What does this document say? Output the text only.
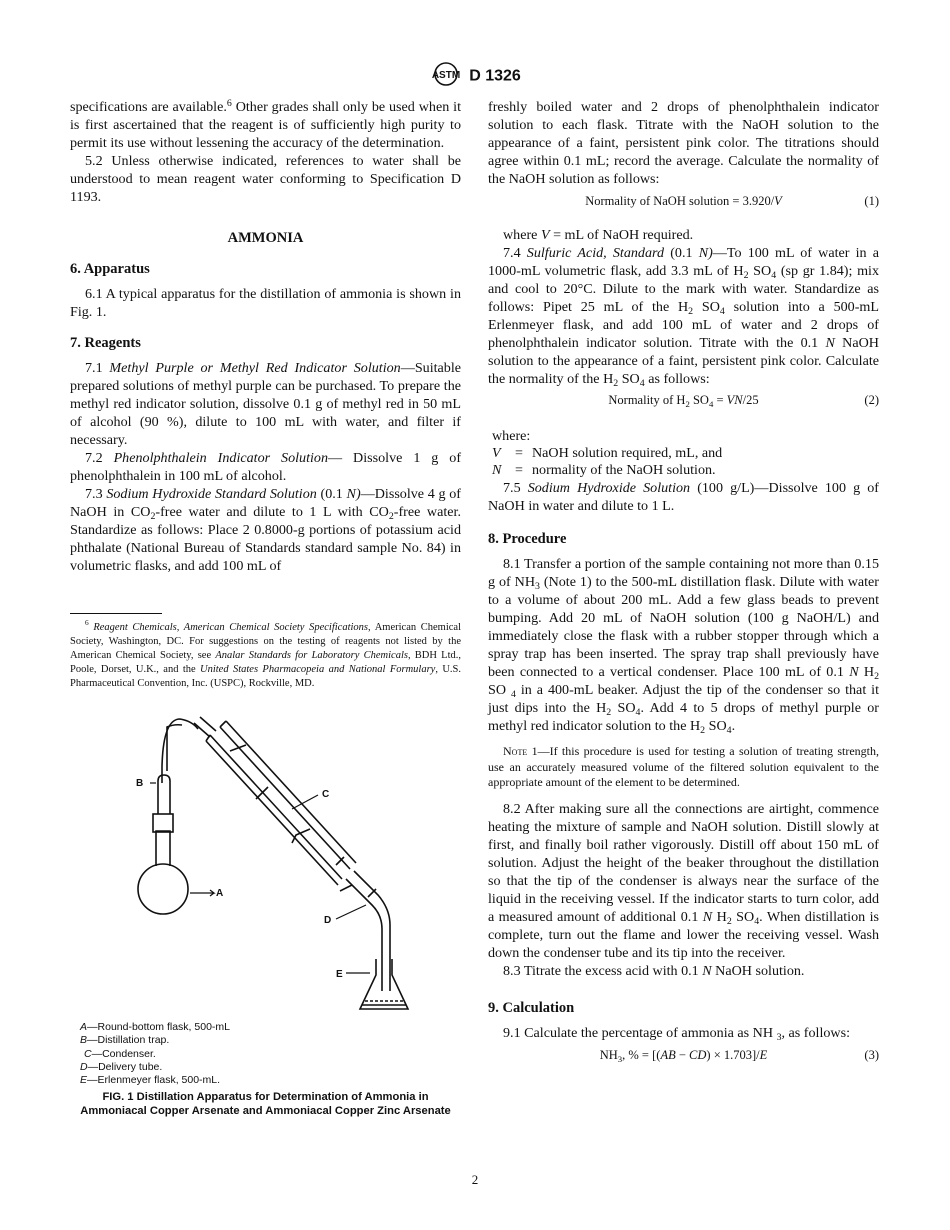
ASTM D 1326

specifications are available.$^6$ Other grades shall only be used when it is first ascertained that the reagent is of sufficiently high purity to permit its use without lessening the accuracy of the determination.

5.2 Unless otherwise indicated, references to water shall be understood to mean reagent water conforming to Specification D 1193.

AMMONIA

6. Apparatus

6.1 A typical apparatus for the distillation of ammonia is shown in Fig. 1.

7. Reagents

7.1 Methyl Purple or Methyl Red Indicator Solution—Suitable prepared solutions of methyl purple can be purchased. To prepare the methyl red indicator solution, dissolve 0.1 g of methyl red in 50 mL of alcohol (90 %), dilute to 100 mL with water, and filter if necessary.

7.2 Phenolphthalein Indicator Solution— Dissolve 1 g of phenolphthalein in 100 mL of alcohol.

7.3 Sodium Hydroxide Standard Solution (0.1 N)—Dissolve 4 g of NaOH in $CO_2$-free water and dilute to 1 L with $CO_2$-free water. Standardize as follows: Place 2 0.8000-g portions of potassium acid phthalate (National Bureau of Standards standard sample No. 84) in volumetric flasks, and add 100 mL of

$^6$ Reagent Chemicals, American Chemical Society Specifications, American Chemical Society, Washington, DC. For suggestions on the testing of reagents not listed by the American Chemical Society, see Analar Standards for Laboratory Chemicals, BDH Ltd., Poole, Dorset, U.K., and the United States Pharmacopeia and National Formulary, U.S. Pharmaceutical Convention, Inc. (USPC), Rockville, MD.

A
B
C
D
E
A—Round-bottom flask, 500-mL
B—Distillation trap.
C—Condenser.
D—Delivery tube.
E—Erlenmeyer flask, 500-mL.

FIG. 1 Distillation Apparatus for Determination of Ammonia in Ammoniacal Copper Arsenate and Ammoniacal Copper Zinc Arsenate

freshly boiled water and 2 drops of phenolphthalein indicator solution to each flask. Titrate with the NaOH solution to the appearance of a faint, persistent pink color. The titrations should agree within 0.1 mL; record the average. Calculate the normality of the NaOH solution as follows:

Normality of NaOH solution = 3.920/V	(1)

where V = mL of NaOH required.

7.4 Sulfuric Acid, Standard (0.1 N)—To 100 mL of water in a 1000-mL volumetric flask, add 3.3 mL of $H_2$ $SO_4$ (sp gr 1.84); mix and cool to 20°C. Dilute to the mark with water. Standardize as follows: Pipet 25 mL of the $H_2$ $SO_4$ solution into a 500-mL Erlenmeyer flask, and add 100 mL of water and 2 drops of phenolphthalein indicator solution. Titrate with the 0.1 N NaOH solution to the appearance of a faint, persistent pink color. Calculate the normality of the $H_2$ $SO_4$ as follows:

Normality of $H_2$ $SO_4 = VN/25$	(2)

where:

V	= NaOH solution required, mL, and
N = normality of the NaOH solution.

7.5 Sodium Hydroxide Solution (100 g/L)—Dissolve 100 g of NaOH in water and dilute to 1 L.

8. Procedure

8.1 Transfer a portion of the sample containing not more than 0.15 g of $NH_3$ (Note 1) to the 500-mL distillation flask. Dilute with water to a volume of about 200 mL. Add a few glass beads to prevent bumping. Add 20 mL of NaOH solution (100 g NaOH/L) and immediately close the flask with a rubber stopper through which a spray trap has been inserted. The spray trap shall previously have been connected to a vertical condenser. Place 100 mL of 0.1 N $H_2$ SO $_4$ in a 400-mL beaker. Adjust the tip of the condenser so that it just dips into the $H_2$ $SO_4$. Add 4 to 5 drops of methyl purple or methyl red indicator solution to the $H_2$ $SO_4$.

Note 1—If this procedure is used for testing a solution of treating strength, use an accurately measured volume of the filtered solution equivalent to the appropriate amount of the element to be determined.

8.2 After making sure all the connections are airtight, commence heating the mixture of sample and NaOH solution. Distill slowly at first, and finally boil rather vigorously. Distill off about 150 mL of solution. Adjust the height of the beaker throughout the distillation so that the tip of the condenser is always near the surface of the liquid in the receiving vessel. If the indicator starts to turn color, add a measured amount of additional 0.1 N $H_2$ $SO_4$. When distillation is complete, turn out the flame and lower the receiving vessel. Wash down the condenser tube and its tip into the receiver.

8.3 Titrate the excess acid with 0.1 N NaOH solution.

9. Calculation

9.1 Calculate the percentage of ammonia as NH $_3$, as follows:

$NH_3$, % = [(AB − CD) × 1.703]/E	(3)
2
